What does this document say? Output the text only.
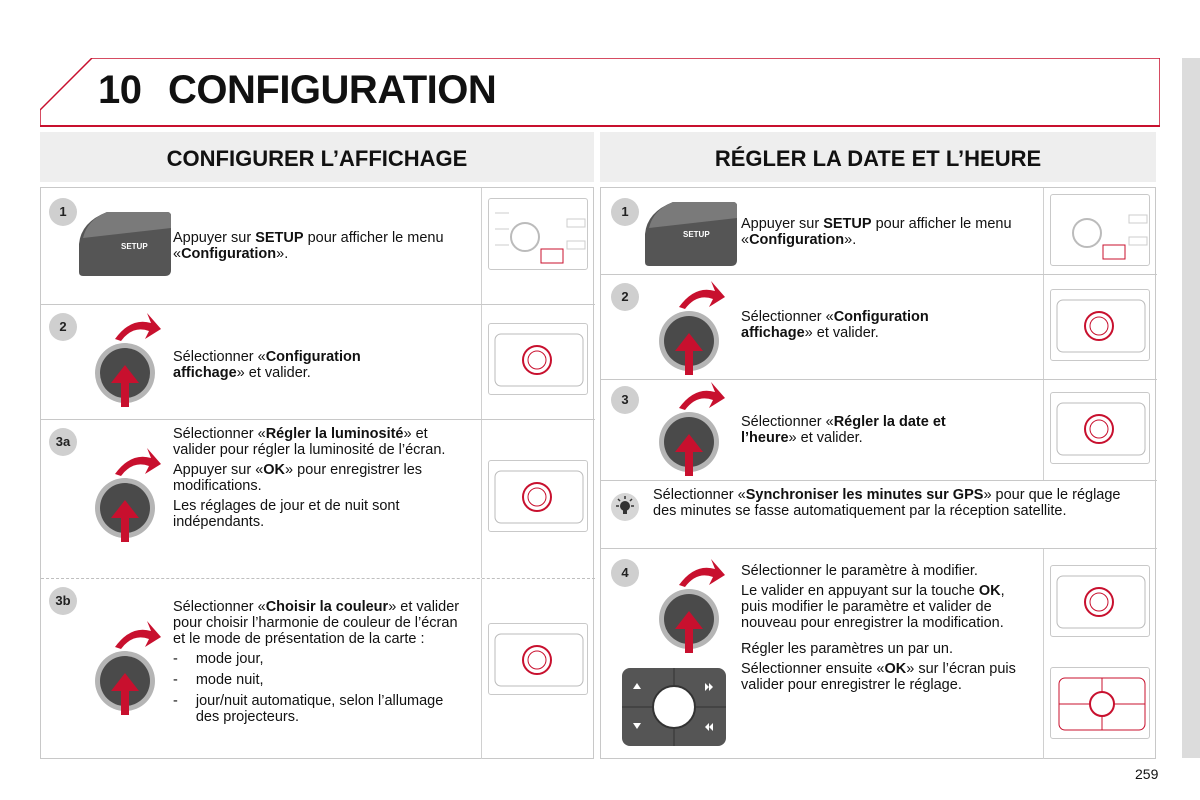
10 CONFIGURATION
CONFIGURER L’AFFICHAGE
1
SETUP
Appuyer sur SETUP pour afficher le menu «Configuration».
2
Sélectionner «Configuration affichage» et valider.
3a	Sélectionner «Régler la luminosité» et valider pour régler la luminosité de l’écran.

Appuyer sur «OK» pour enregistrer les modifications.

Les réglages de jour et de nuit sont indépendants.

3b	Sélectionner «Choisir la couleur» et valider pour choisir l’harmonie de couleur de l’écran et le mode de présentation de la carte :

- mode jour,
- mode nuit,
- jour/nuit automatique, selon l’allumage des projecteurs.
RÉGLER LA DATE ET L’HEURE
1
SETUP
Appuyer sur SETUP pour afficher le menu «Configuration».
2
Sélectionner «Configuration affichage» et valider.
3
Sélectionner «Régler la date et l’heure» et valider.
Sélectionner «Synchroniser les minutes sur GPS» pour que le réglage des minutes se fasse automatiquement par la réception satellite.
4	Sélectionner le paramètre à modifier.

Le valider en appuyant sur la touche OK, puis modifier le paramètre et valider de nouveau pour enregistrer la modification.

Régler les paramètres un par un.

Sélectionner ensuite «OK» sur l’écran puis valider pour enregistrer le réglage.

259
